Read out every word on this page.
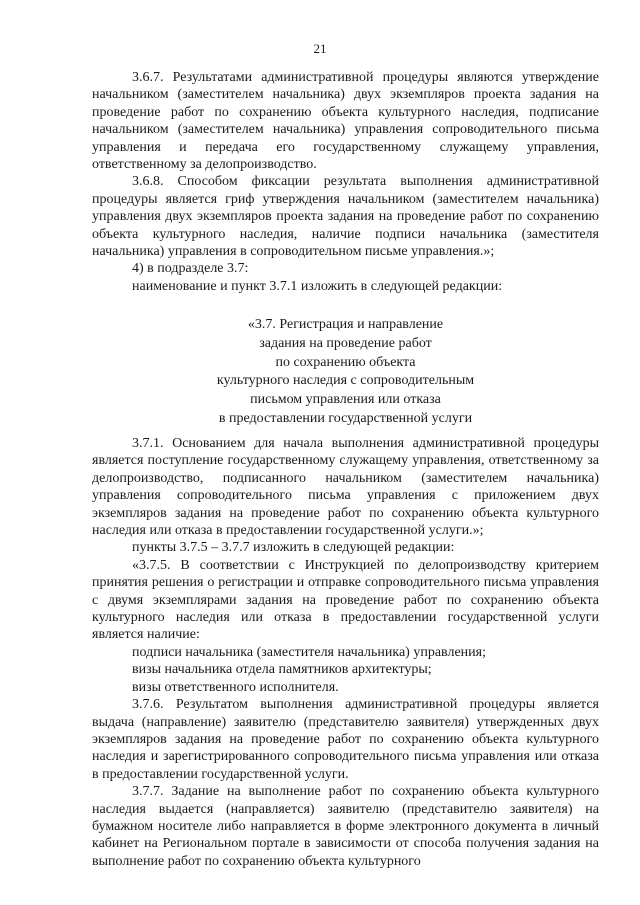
21

3.6.7. Результатами административной процедуры являются утверждение начальником (заместителем начальника) двух экземпляров проекта задания на проведение работ по сохранению объекта культурного наследия, подписание начальником (заместителем начальника) управления сопроводительного письма управления и передача его государственному служащему управления, ответственному за делопроизводство.

3.6.8. Способом фиксации результата выполнения административной процедуры является гриф утверждения начальником (заместителем начальника) управления двух экземпляров проекта задания на проведение работ по сохранению объекта культурного наследия, наличие подписи начальника (заместителя начальника) управления в сопроводительном письме управления.»;

4) в подразделе 3.7:

наименование и пункт 3.7.1 изложить в следующей редакции:

«3.7. Регистрация и направление

задания на проведение работ

по сохранению объекта

культурного наследия с сопроводительным

письмом управления или отказа

в предоставлении государственной услуги

3.7.1. Основанием для начала выполнения административной процедуры является поступление государственному служащему управления, ответственному за делопроизводство, подписанного начальником (заместителем начальника) управления сопроводительного письма управления с приложением двух экземпляров задания на проведение работ по сохранению объекта культурного наследия или отказа в предоставлении государственной услуги.»;

пункты 3.7.5 – 3.7.7 изложить в следующей редакции:

«3.7.5. В соответствии с Инструкцией по делопроизводству критерием принятия решения о регистрации и отправке сопроводительного письма управления с двумя экземплярами задания на проведение работ по сохранению объекта культурного наследия или отказа в предоставлении государственной услуги является наличие:

подписи начальника (заместителя начальника) управления;

визы начальника отдела памятников архитектуры;

визы ответственного исполнителя.

3.7.6. Результатом выполнения административной процедуры является выдача (направление) заявителю (представителю заявителя) утвержденных двух экземпляров задания на проведение работ по сохранению объекта культурного наследия и зарегистрированного сопроводительного письма управления или отказа в предоставлении государственной услуги.

3.7.7. Задание на выполнение работ по сохранению объекта культурного наследия выдается (направляется) заявителю (представителю заявителя) на бумажном носителе либо направляется в форме электронного документа в личный кабинет на Региональном портале в зависимости от способа получения задания на выполнение работ по сохранению объекта культурного
